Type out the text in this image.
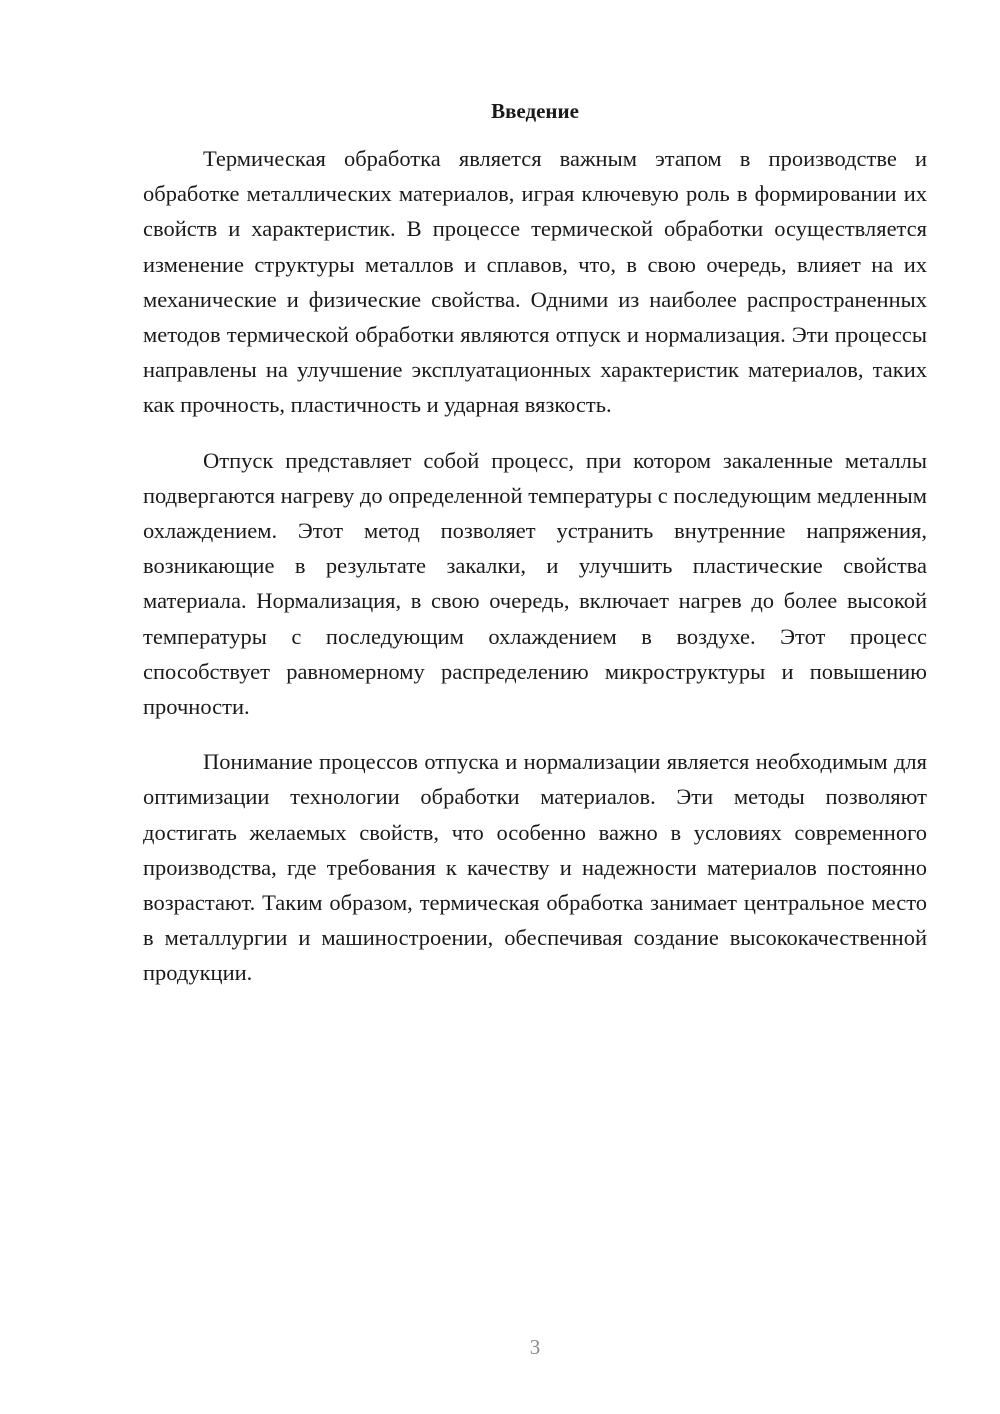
Введение

Термическая обработка является важным этапом в производстве и обработке металлических материалов, играя ключевую роль в формировании их свойств и характеристик. В процессе термической обработки осуществляется изменение структуры металлов и сплавов, что, в свою очередь, влияет на их механические и физические свойства. Одними из наиболее распространенных методов термической обработки являются отпуск и нормализация. Эти процессы направлены на улучшение эксплуатационных характеристик материалов, таких как прочность, пластичность и ударная вязкость.

Отпуск представляет собой процесс, при котором закаленные металлы подвергаются нагреву до определенной температуры с последующим медленным охлаждением. Этот метод позволяет устранить внутренние напряжения, возникающие в результате закалки, и улучшить пластические свойства материала. Нормализация, в свою очередь, включает нагрев до более высокой температуры с последующим охлаждением в воздухе. Этот процесс способствует равномерному распределению микроструктуры и повышению прочности.

Понимание процессов отпуска и нормализации является необходимым для оптимизации технологии обработки материалов. Эти методы позволяют достигать желаемых свойств, что особенно важно в условиях современного производства, где требования к качеству и надежности материалов постоянно возрастают. Таким образом, термическая обработка занимает центральное место в металлургии и машиностроении, обеспечивая создание высококачественной продукции.

3
